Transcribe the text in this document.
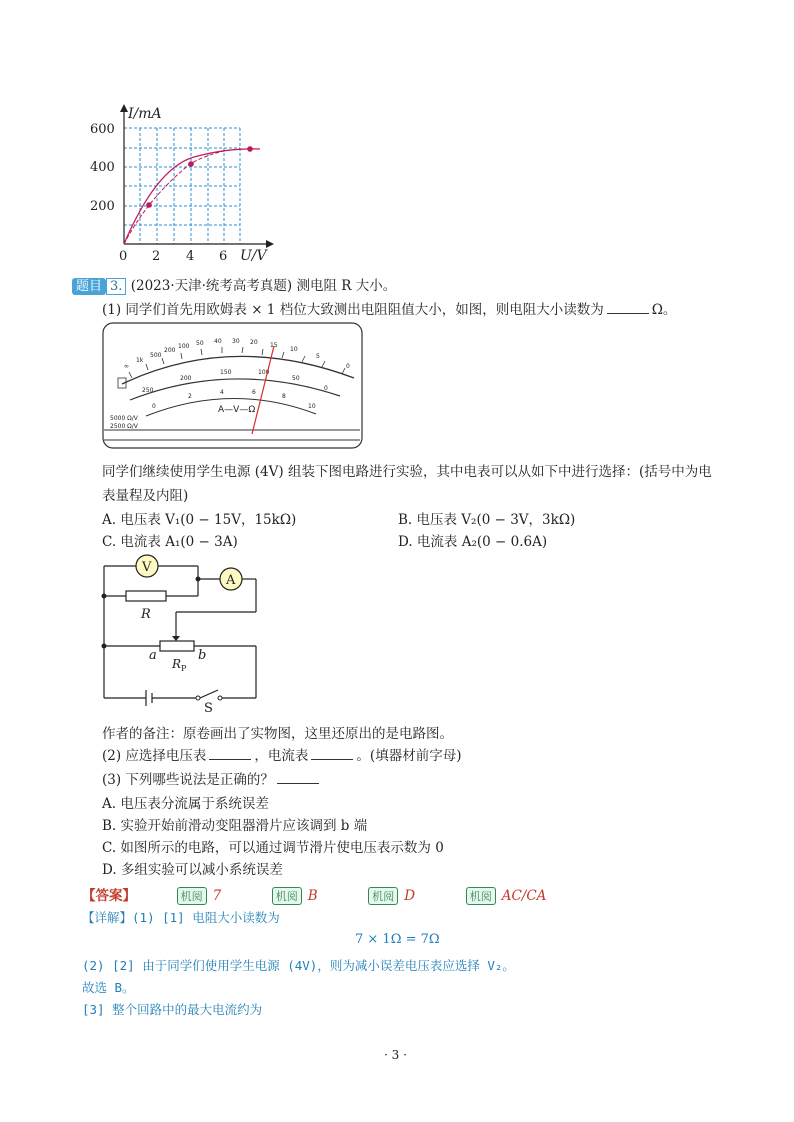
I/mA
600
400
200
0 2 4 6 U/V
题目 3. (2023·天津·统考高考真题) 测电阻 R 大小。
(1) 同学们首先用欧姆表 × 1 档位大致测出电阻阻值大小，如图，则电阻大小读数为	Ω。
∞
1k
500
200
100 50 40 30 20 15
10
5
0
250
200
150	100
50
0
0
2
4	6
8
10
5000 Ω/V
2500 Ω/V
A—V—Ω
同学们继续使用学生电源 (4V) 组装下图电路进行实验，其中电表可以从如下中进行选择：(括号中为电
表量程及内阻)
A. 电压表 V₁(0 − 15V，15kΩ)	B. 电压表 V₂(0 − 3V，3kΩ)
C. 电流表 A₁(0 − 3A)	D. 电流表 A₂(0 − 0.6A)
V
A
R
a	b
R P
S
作者的备注：原卷画出了实物图，这里还原出的是电路图。
(2) 应选择电压表	，电流表	。(填器材前字母)
(3) 下列哪些说法是正确的？
A. 电压表分流属于系统误差
B. 实验开始前滑动变阻器滑片应该调到 b 端
C. 如图所示的电路，可以通过调节滑片使电压表示数为 0
D. 多组实验可以减小系统误差
【答案】	机阅 7	机阅 B	机阅 D	机阅 AC/CA
【详解】(1) [1] 电阻大小读数为
7 × 1Ω = 7Ω
(2) [2] 由于同学们使用学生电源 (4V)，则为减小误差电压表应选择 V₂。
故选 B。
[3] 整个回路中的最大电流约为
· 3 ·
